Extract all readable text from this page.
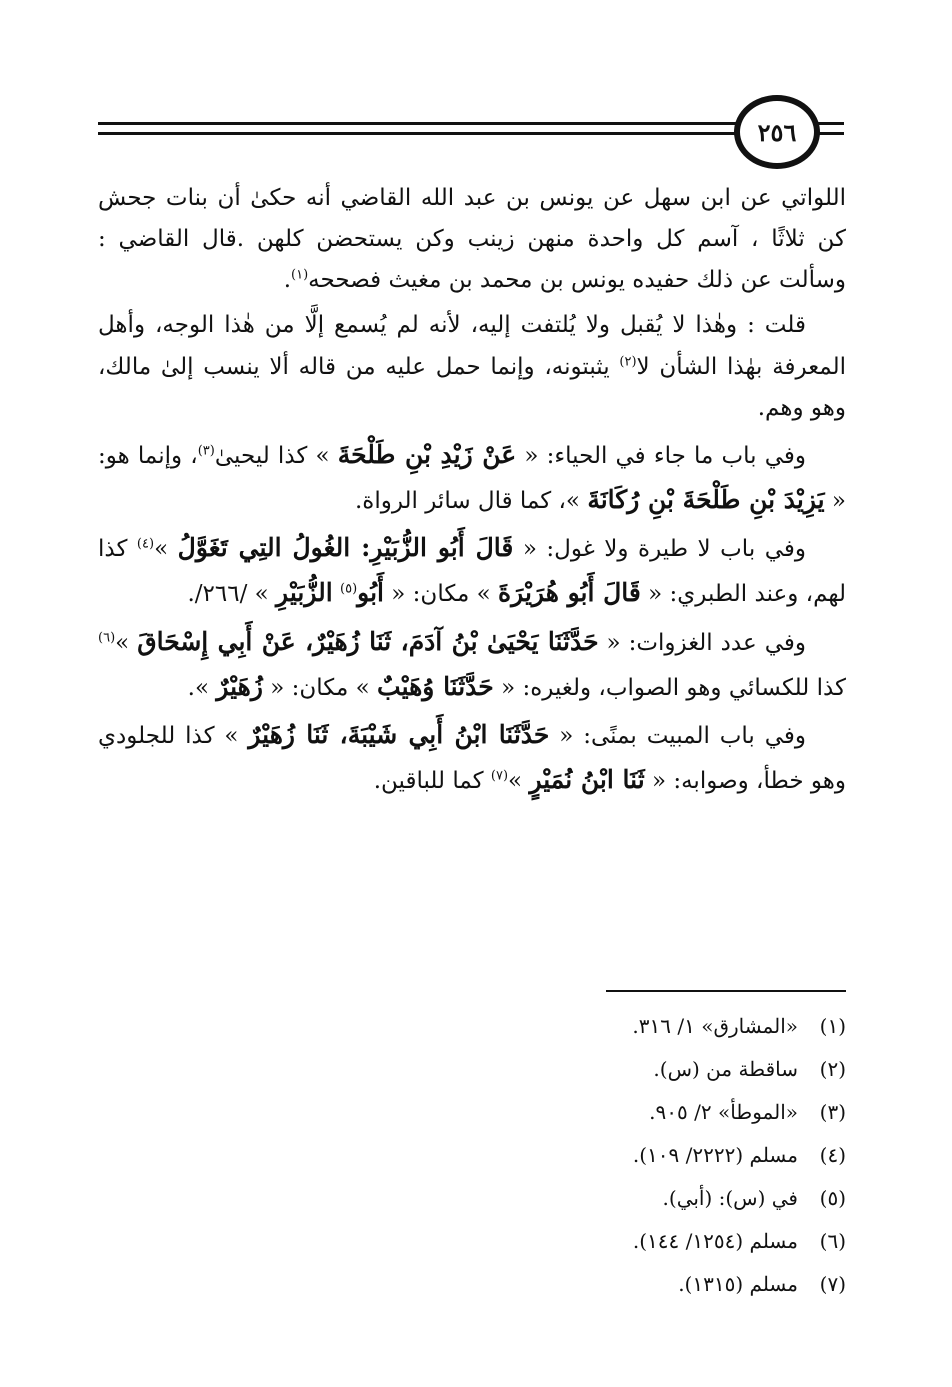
٢٥٦

اللواتي عن ابن سهل عن يونس بن عبد الله القاضي أنه حكىٰ أن بنات جحش كن ثلاثًا ، آسم كل واحدة منهن زينب وكن يستحضن كلهن .قال القاضي : وسألت عن ذلك حفيده يونس بن محمد بن مغيث فصححه$^{(١)}$.

قلت : وهٰذا لا يُقبل ولا يُلتفت إليه، لأنه لم يُسمع إلَّا من هٰذا الوجه، وأهل المعرفة بهٰذا الشأن لا$^{(٢)}$ يثبتونه، وإنما حمل عليه من قاله ألا ينسب إلىٰ مالك، وهو وهم.

وفي باب ما جاء في الحياء: « عَنْ زَيْدِ بْنِ طَلْحَةَ » كذا ليحيىٰ$^{(٣)}$، وإنما هو: « يَزِيْدَ بْنِ طَلْحَةَ بْنِ رُكَانَةَ »، كما قال سائر الرواة.

وفي باب لا طيرة ولا غول: « قَالَ أَبُو الزُّبَيْرِ: الغُولُ التِي تَغَوَّلُ »$^{(٤)}$ كذا لهم، وعند الطبري: « قَالَ أَبُو هُرَيْرَةَ » مكان: « أَبُو$^{(٥)}$ الزُّبَيْرِ » /٢٦٦/.

وفي عدد الغزوات: « حَدَّثَنَا يَحْيَىٰ بْنُ آدَمَ، ثَنَا زُهَيْرٌ، عَنْ أَبِي إِسْحَاقَ »$^{(٦)}$ كذا للكسائي وهو الصواب، ولغيره: « حَدَّثَنَا وُهَيْبٌ » مكان: « زُهَيْرٌ ».

وفي باب المبيت بمنًى: « حَدَّثَنَا ابْنُ أَبِي شَيْبَةَ، ثَنَا زُهَيْرٌ » كذا للجلودي وهو خطأ، وصوابه: « ثَنَا ابْنُ نُمَيْرٍ »$^{(٧)}$ كما للباقين.

(١)
«المشارق» ١/ ٣١٦.
(٢)
ساقطة من (س).
(٣)
«الموطأ» ٢/ ٩٠٥.
(٤)
مسلم (٢٢٢٢/ ١٠٩).
(٥)
في (س): (أبي).
(٦)
مسلم (١٢٥٤/ ١٤٤).
(٧)
مسلم (١٣١٥).
